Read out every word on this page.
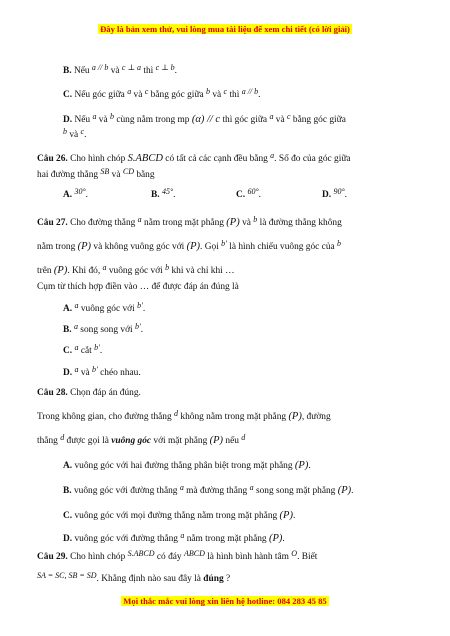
Đây là bản xem thử, vui lòng mua tài liệu để xem chi tiết (có lời giải)
B. Nếu a // b và c ⊥ a thì c ⊥ b.
C. Nếu góc giữa a và c bằng góc giữa b và c thì a // b.
D. Nếu a và b cùng nằm trong mp (α) // c thì góc giữa a và c bằng góc giữa
b và c.
Câu 26. Cho hình chóp S.ABCD có tất cả các cạnh đều bằng a. Số đo của góc giữa
hai đường thẳng SB và CD bằng
A. 30°.	B. 45°.	C. 60°.	D. 90°.
Câu 27. Cho đường thẳng a nằm trong mặt phẳng (P) và b là đường thẳng không
nằm trong (P) và không vuông góc với (P). Gọi b′ là hình chiếu vuông góc của b
trên (P). Khi đó, a vuông góc với b khi và chỉ khi …
Cụm từ thích hợp điền vào … để được đáp án đúng là
A. a vuông góc với b′.
B. a song song với b′.
C. a cắt b′.
D. a và b′ chéo nhau.
Câu 28. Chọn đáp án đúng.
Trong không gian, cho đường thẳng d không nằm trong mặt phẳng (P), đường
thẳng d được gọi là vuông góc với mặt phẳng (P) nếu d
A. vuông góc với hai đường thẳng phân biệt trong mặt phẳng (P).
B. vuông góc với đường thẳng a mà đường thẳng a song song mặt phẳng (P).
C. vuông góc với mọi đường thẳng nằm trong mặt phẳng (P).
D. vuông góc với đường thẳng a nằm trong mặt phẳng (P).
Câu 29. Cho hình chóp S.ABCD có đáy ABCD là hình bình hành tâm O. Biết
SA = SC, SB = SD. Khẳng định nào sau đây là đúng ?
Mọi thắc mắc vui lòng xin liên hệ hotline: 084 283 45 85
